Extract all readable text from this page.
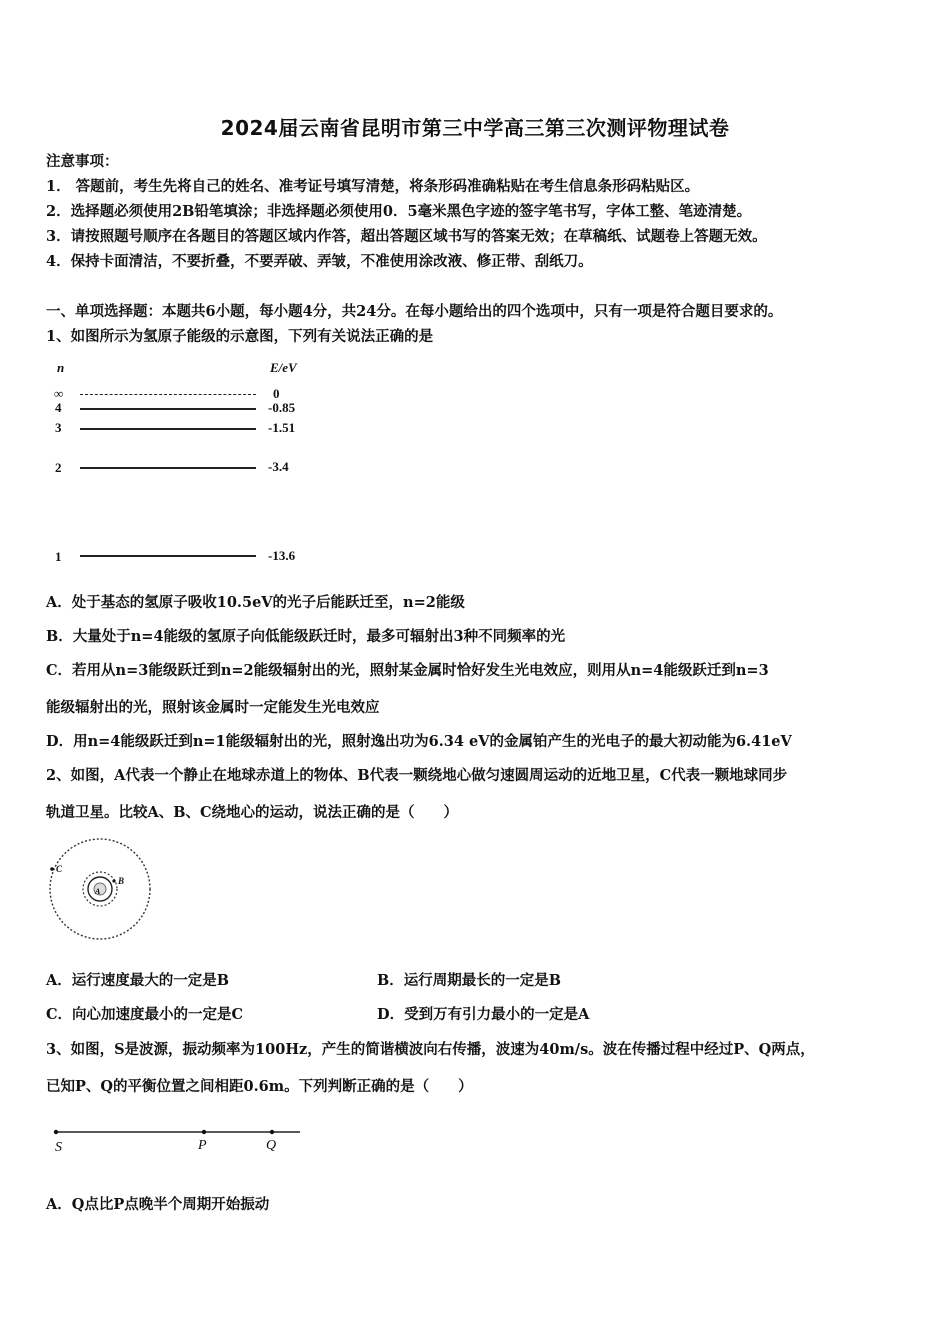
2024届云南省昆明市第三中学高三第三次测评物理试卷
注意事项：
1． 答题前，考生先将自己的姓名、准考证号填写清楚，将条形码准确粘贴在考生信息条形码粘贴区。
2．选择题必须使用2B铅笔填涂；非选择题必须使用0．5毫米黑色字迹的签字笔书写，字体工整、笔迹清楚。
3．请按照题号顺序在各题目的答题区域内作答，超出答题区域书写的答案无效；在草稿纸、试题卷上答题无效。
4．保持卡面清洁，不要折叠，不要弄破、弄皱，不准使用涂改液、修正带、刮纸刀。
一、单项选择题：本题共6小题，每小题4分，共24分。在每小题给出的四个选项中，只有一项是符合题目要求的。
1、如图所示为氢原子能级的示意图，下列有关说法正确的是
n	E/eV
∞	0
4	-0.85
3	-1.51
2	-3.4
1	-13.6
A．处于基态的氢原子吸收10.5eV的光子后能跃迁至，n=2能级
B．大量处于n=4能级的氢原子向低能级跃迁时，最多可辐射出3种不同频率的光
C．若用从n=3能级跃迁到n=2能级辐射出的光，照射某金属时恰好发生光电效应，则用从n=4能级跃迁到n=3
能级辐射出的光，照射该金属时一定能发生光电效应
D．用n=4能级跃迁到n=1能级辐射出的光，照射逸出功为6.34 eV的金属铂产生的光电子的最大初动能为6.41eV
2、如图，A代表一个静止在地球赤道上的物体、B代表一颗绕地心做匀速圆周运动的近地卫星，C代表一颗地球同步
轨道卫星。比较A、B、C绕地心的运动，说法正确的是（　　）
C
B
A
A．运行速度最大的一定是B	B．运行周期最长的一定是B
C．向心加速度最小的一定是C	D．受到万有引力最小的一定是A
3、如图，S是波源，振动频率为100Hz，产生的简谐横波向右传播，波速为40m/s。波在传播过程中经过P、Q两点，
已知P、Q的平衡位置之间相距0.6m。下列判断正确的是（　　）
S	P	Q
A．Q点比P点晚半个周期开始振动
